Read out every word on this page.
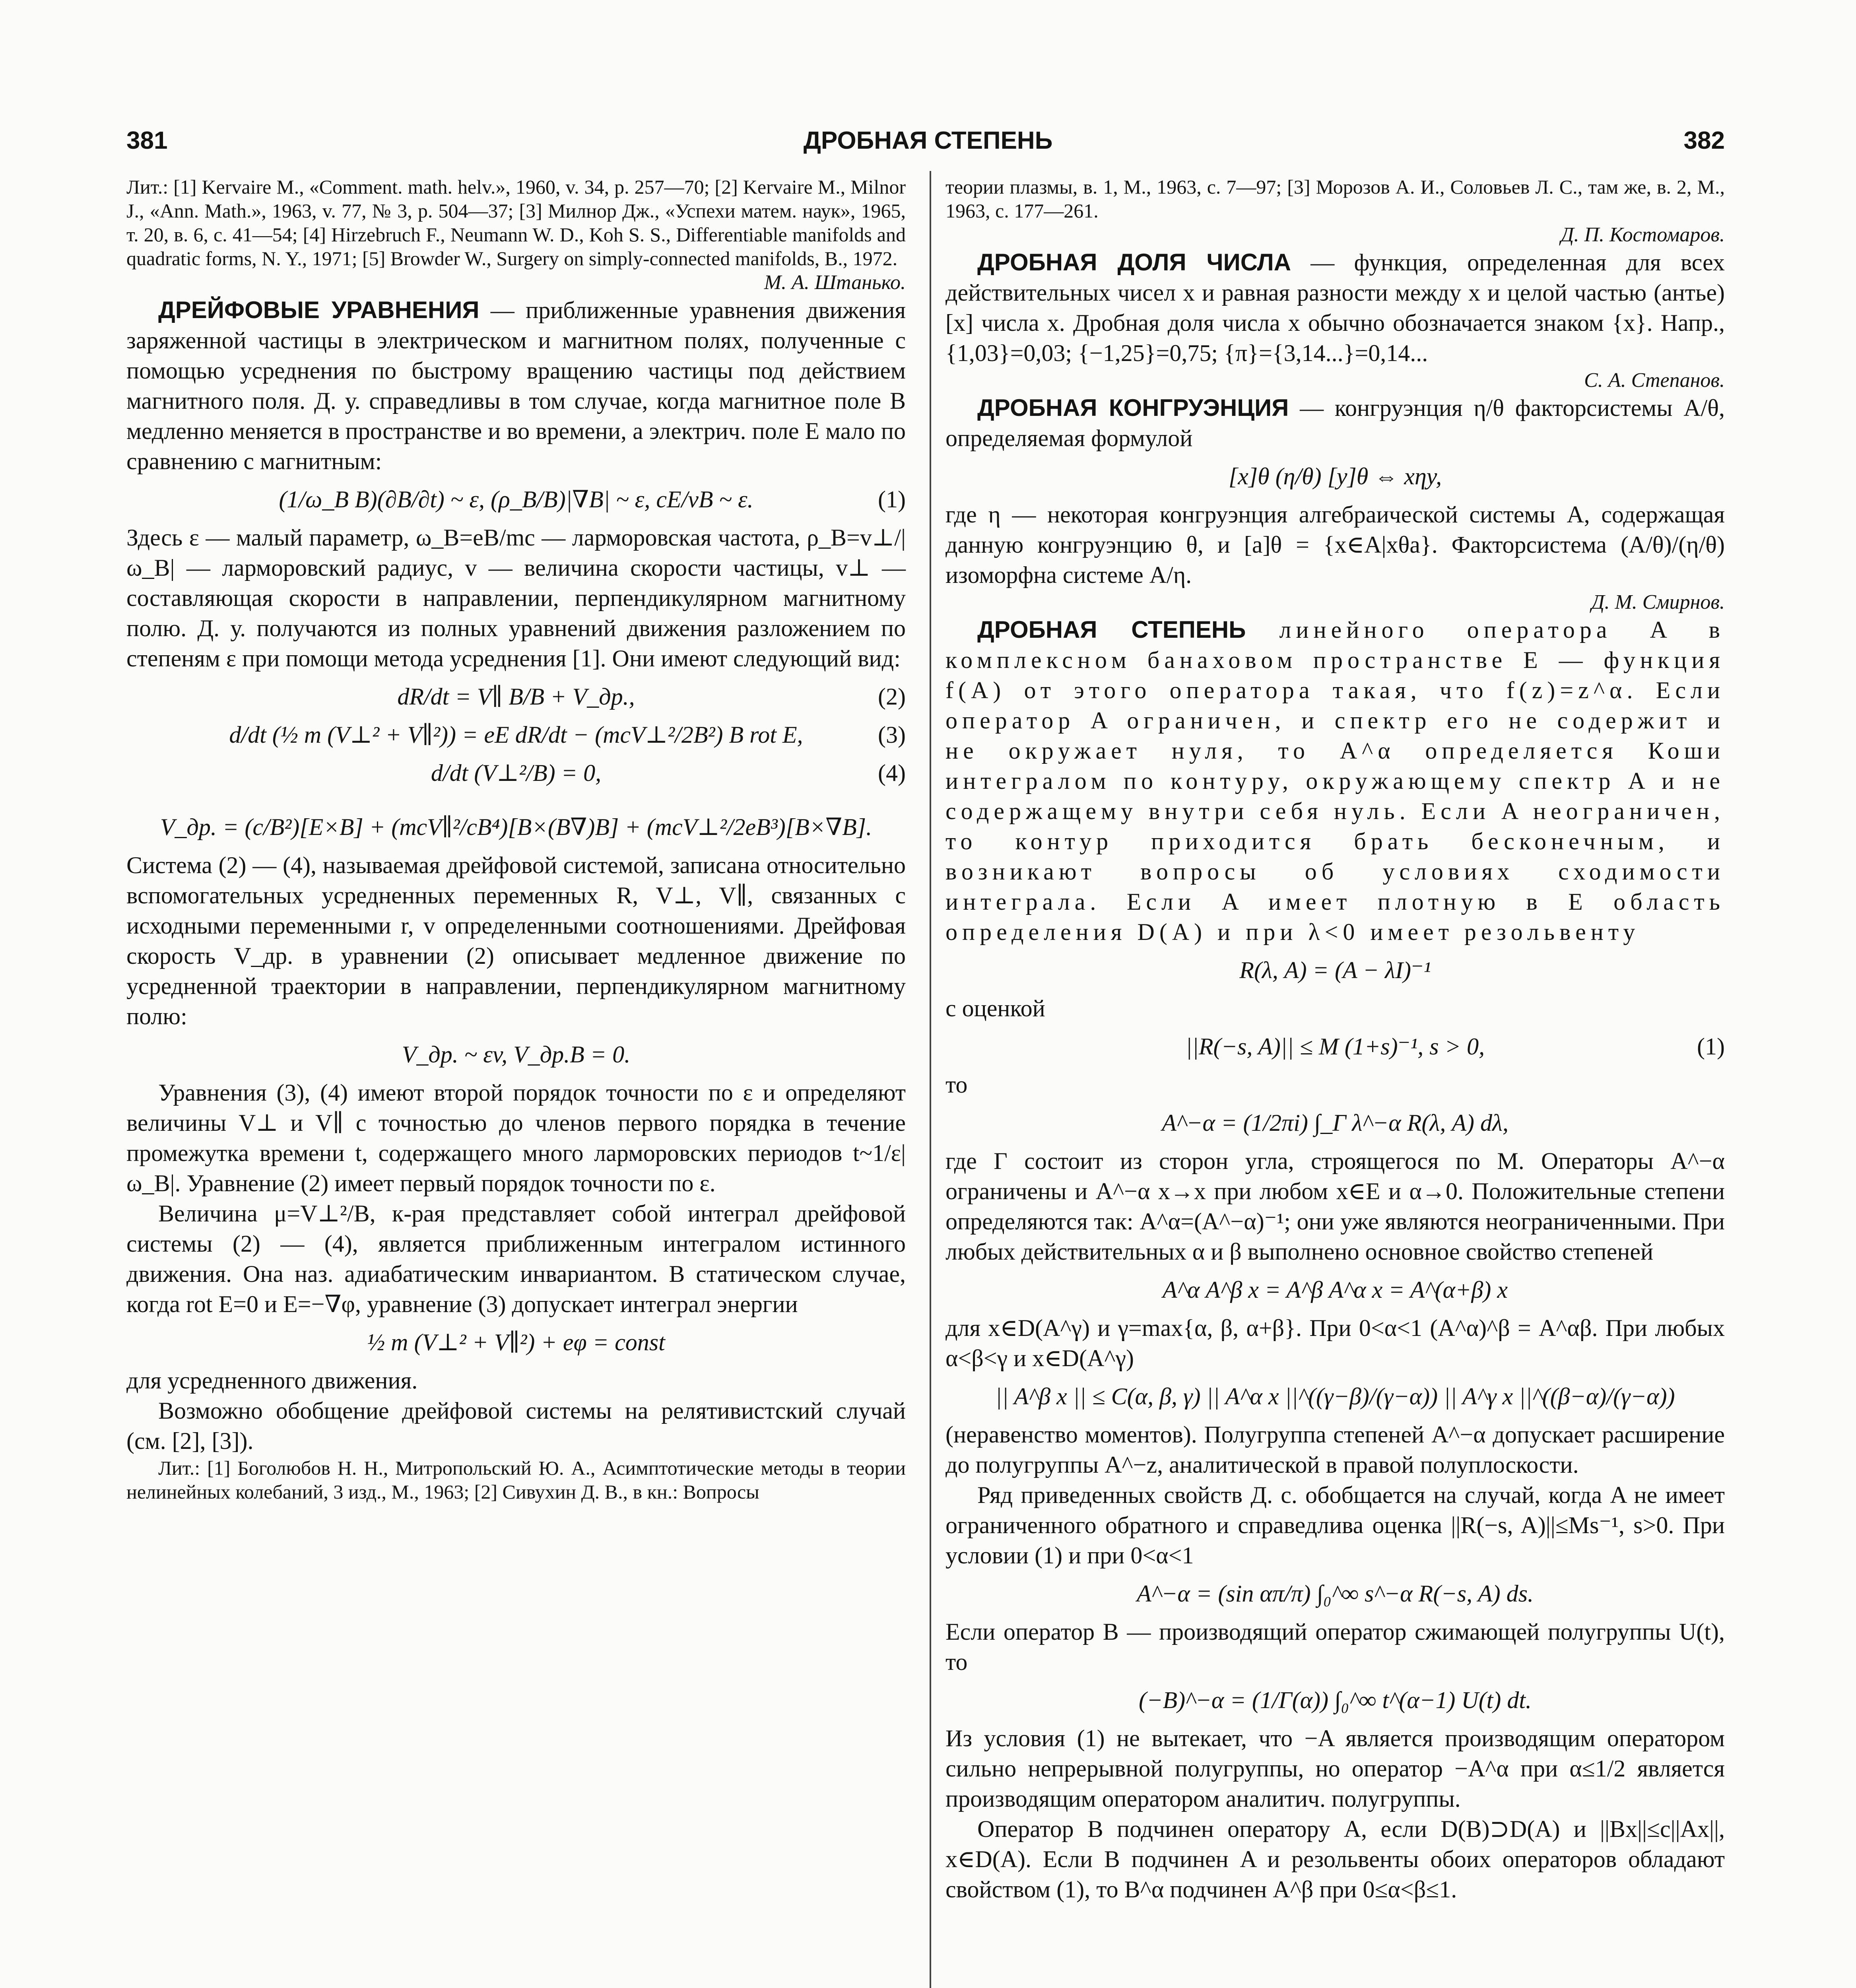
381	ДРОБНАЯ СТЕПЕНЬ	382

Лит.: [1] Kervaire M., «Comment. math. helv.», 1960, v. 34, p. 257—70; [2] Kervaire M., Milnor J., «Ann. Math.», 1963, v. 77, № 3, p. 504—37; [3] Милнор Дж., «Успехи матем. наук», 1965, т. 20, в. 6, с. 41—54; [4] Hirzebruch F., Neumann W. D., Koh S. S., Differentiable manifolds and quadratic forms, N. Y., 1971; [5] Browder W., Surgery on simply-connected manifolds, B., 1972.

М. А. Штанько.

ДРЕЙФОВЫЕ УРАВНЕНИЯ — приближенные уравнения движения заряженной частицы в электрическом и магнитном полях, полученные с помощью усреднения по быстрому вращению частицы под действием магнитного поля. Д. у. справедливы в том случае, когда магнитное поле B медленно меняется в пространстве и во времени, а электрич. поле E мало по сравнению с магнитным:

(1/ω_B B)(∂B/∂t) ~ ε, (ρ_B/B)|∇B| ~ ε, cE/vB ~ ε.	(1)

Здесь ε — малый параметр, ω_B=eB/mc — ларморовская частота, ρ_B=v⊥/|ω_B| — ларморовский радиус, v — величина скорости частицы, v⊥ — составляющая скорости в направлении, перпендикулярном магнитному полю. Д. у. получаются из полных уравнений движения разложением по степеням ε при помощи метода усреднения [1]. Они имеют следующий вид:

dR/dt = V∥ B/B + V_др.,	(2)
d/dt (½ m (V⊥² + V∥²)) = eE dR/dt − (mcV⊥²/2B²) B rot E,	(3)
d/dt (V⊥²/B) = 0,	(4)
V_др. = (c/B²)[E×B] + (mcV∥²/cB⁴)[B×(B∇)B] + (mcV⊥²/2eB³)[B×∇B].

Система (2) — (4), называемая дрейфовой системой, записана относительно вспомогательных усредненных переменных R, V⊥, V∥, связанных с исходными переменными r, v определенными соотношениями. Дрейфовая скорость V_др. в уравнении (2) описывает медленное движение по усредненной траектории в направлении, перпендикулярном магнитному полю:

V_др. ~ εv, V_др.B = 0.

Уравнения (3), (4) имеют второй порядок точности по ε и определяют величины V⊥ и V∥ с точностью до членов первого порядка в течение промежутка времени t, содержащего много ларморовских периодов t~1/ε|ω_B|. Уравнение (2) имеет первый порядок точности по ε.

Величина μ=V⊥²/B, к-рая представляет собой интеграл дрейфовой системы (2) — (4), является приближенным интегралом истинного движения. Она наз. адиабатическим инвариантом. В статическом случае, когда rot E=0 и E=−∇φ, уравнение (3) допускает интеграл энергии

½ m (V⊥² + V∥²) + eφ = const

для усредненного движения.

Возможно обобщение дрейфовой системы на релятивистский случай (см. [2], [3]).

Лит.: [1] Боголюбов Н. Н., Митропольский Ю. А., Асимптотические методы в теории нелинейных колебаний, 3 изд., М., 1963; [2] Сивухин Д. В., в кн.: Вопросы

теории плазмы, в. 1, М., 1963, с. 7—97; [3] Морозов А. И., Соловьев Л. С., там же, в. 2, М., 1963, с. 177—261.

Д. П. Костомаров.

ДРОБНАЯ ДОЛЯ ЧИСЛА — функция, определенная для всех действительных чисел x и равная разности между x и целой частью (антье) [x] числа x. Дробная доля числа x обычно обозначается знаком {x}. Напр., {1,03}=0,03; {−1,25}=0,75; {π}={3,14...}=0,14...

С. А. Степанов.

ДРОБНАЯ КОНГРУЭНЦИЯ — конгруэнция η/θ факторсистемы A/θ, определяемая формулой

[x]θ (η/θ) [y]θ ⇔ xηy,

где η — некоторая конгруэнция алгебраической системы A, содержащая данную конгруэнцию θ, и [a]θ = {x∈A|xθa}. Факторсистема (A/θ)/(η/θ) изоморфна системе A/η.

Д. М. Смирнов.

ДРОБНАЯ СТЕПЕНЬ линейного оператора A в комплексном банаховом пространстве E — функция f(A) от этого оператора такая, что f(z)=z^α. Если оператор A ограничен, и спектр его не содержит и не окружает нуля, то A^α определяется Коши интегралом по контуру, окружающему спектр A и не содержащему внутри себя нуль. Если A неограничен, то контур приходится брать бесконечным, и возникают вопросы об условиях сходимости интеграла. Если A имеет плотную в E область определения D(A) и при λ<0 имеет резольвенту

R(λ, A) = (A − λI)⁻¹

с оценкой

||R(−s, A)|| ≤ M (1+s)⁻¹, s > 0,	(1)

то

A^−α = (1/2πi) ∫_Γ λ^−α R(λ, A) dλ,

где Γ состоит из сторон угла, строящегося по M. Операторы A^−α ограничены и A^−α x→x при любом x∈E и α→0. Положительные степени определяются так: A^α=(A^−α)⁻¹; они уже являются неограниченными. При любых действительных α и β выполнено основное свойство степеней

A^α A^β x = A^β A^α x = A^(α+β) x

для x∈D(A^γ) и γ=max{α, β, α+β}. При 0<α<1 (A^α)^β = A^αβ. При любых α<β<γ и x∈D(A^γ)

|| A^β x || ≤ C(α, β, γ) || A^α x ||^((γ−β)/(γ−α)) || A^γ x ||^((β−α)/(γ−α))

(неравенство моментов). Полугруппа степеней A^−α допускает расширение до полугруппы A^−z, аналитической в правой полуплоскости.

Ряд приведенных свойств Д. с. обобщается на случай, когда A не имеет ограниченного обратного и справедлива оценка ||R(−s, A)||≤Ms⁻¹, s>0. При условии (1) и при 0<α<1

A^−α = (sin απ/π) ∫₀^∞ s^−α R(−s, A) ds.

Если оператор B — производящий оператор сжимающей полугруппы U(t), то

(−B)^−α = (1/Γ(α)) ∫₀^∞ t^(α−1) U(t) dt.

Из условия (1) не вытекает, что −A является производящим оператором сильно непрерывной полугруппы, но оператор −A^α при α≤1/2 является производящим оператором аналитич. полугруппы.

Оператор B подчинен оператору A, если D(B)⊃D(A) и ||Bx||≤c||Ax||, x∈D(A). Если B подчинен A и резольвенты обоих операторов обладают свойством (1), то B^α подчинен A^β при 0≤α<β≤1.
